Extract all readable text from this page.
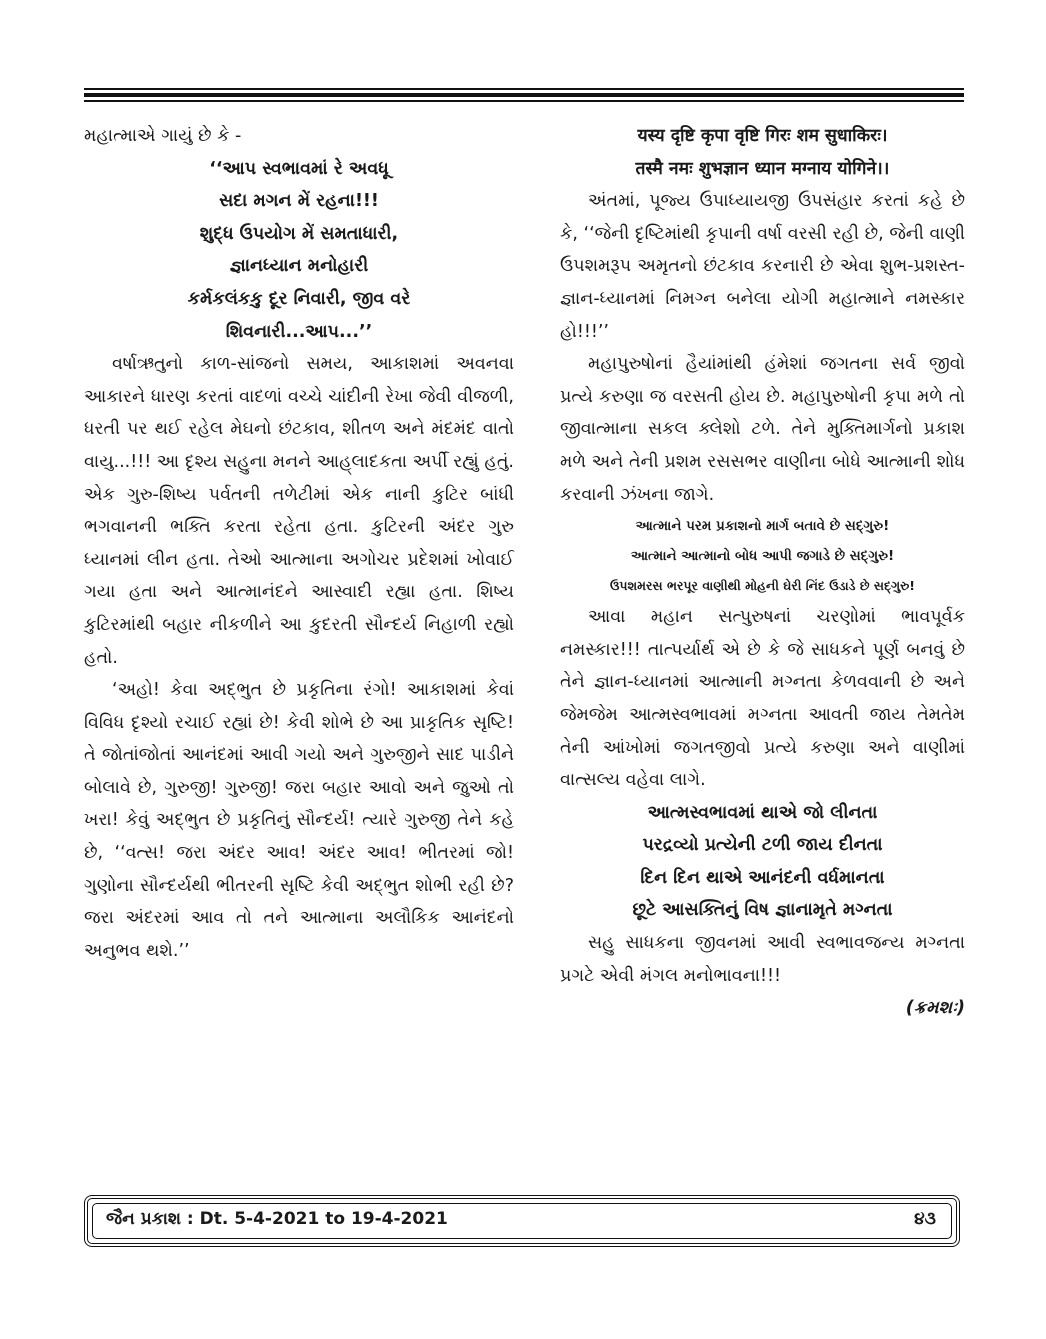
મહાત્માએ ગાયું છે કે -

‘‘આપ સ્વભાવમાં રે અવધૂ

સદા મગન મેં રહના!!!

શુદ્ધ ઉપયોગ મેં સમતાધારી,

જ્ઞાનધ્યાન મનોહારી

કર્મકલંકકુ દૂર નિવારી, જીવ વરે

શિવનારી...આપ...’’

વર્ષાઋતુનો કાળ-સાંજનો સમય, આકાશમાં અવનવા આકારને ધારણ કરતાં વાદળાં વચ્ચે ચાંદીની રેખા જેવી વીજળી, ધરતી પર થઈ રહેલ મેઘનો છંટકાવ, શીતળ અને મંદમંદ વાતો વાયુ...!!! આ દૃશ્ય સહુના મનને આહ્‌લાદકતા અર્પી રહ્યું હતું. એક ગુરુ-શિષ્ય પર્વતની તળેટીમાં એક નાની કુટિર બાંધી ભગવાનની ભક્તિ કરતા રહેતા હતા. કુટિરની અંદર ગુરુ ધ્યાનમાં લીન હતા. તેઓ આત્માના અગોચર પ્રદેશમાં ખોવાઈ ગયા હતા અને આત્માનંદને આસ્વાદી રહ્યા હતા. શિષ્ય કુટિરમાંથી બહાર નીકળીને આ કુદરતી સૌન્દર્ય નિહાળી રહ્યો હતો.

‘અહો! કેવા અદ્‌ભુત છે પ્રકૃતિના રંગો! આકાશમાં કેવાં વિવિધ દૃશ્યો રચાઈ રહ્યાં છે! કેવી શોભે છે આ પ્રાકૃતિક સૃષ્ટિ! તે જોતાંજોતાં આનંદમાં આવી ગયો અને ગુરુજીને સાદ પાડીને બોલાવે છે, ગુરુજી! ગુરુજી! જરા બહાર આવો અને જુઓ તો ખરા! કેવું અદ્‌ભુત છે પ્રકૃતિનું સૌન્દર્ય! ત્યારે ગુરુજી તેને કહે છે, ‘‘વત્સ! જરા અંદર આવ! અંદર આવ! ભીતરમાં જો! ગુણોના સૌન્દર્યથી ભીતરની સૃષ્ટિ કેવી અદ્‌ભુત શોભી રહી છે? જરા અંદરમાં આવ તો તને આત્માના અલૌકિક આનંદનો અનુભવ થશે.’’

यस्य दृष्टि कृपा वृष्टि गिरः शम सुधाकिरः।

तस्मै नमः शुभज्ञान ध्यान मग्नाय योगिने।।

અંતમાં, પૂજ્ય ઉપાધ્યાયજી ઉપસંહાર કરતાં કહે છે કે, ‘‘જેની દૃષ્ટિમાંથી કૃપાની વર્ષા વરસી રહી છે, જેની વાણી ઉપશમરૂપ અમૃતનો છંટકાવ કરનારી છે એવા શુભ-પ્રશસ્ત-જ્ઞાન-ધ્યાનમાં નિમગ્ન બનેલા યોગી મહાત્માને નમસ્કાર હો!!!’’

મહાપુરુષોનાં હૈયાંમાંથી હંમેશાં જગતના સર્વ જીવો પ્રત્યે કરુણા જ વરસતી હોય છે. મહાપુરુષોની કૃપા મળે તો જીવાત્માના સકલ ક્લેશો ટળે. તેને મુક્તિમાર્ગનો પ્રકાશ મળે અને તેની પ્રશમ રસસભર વાણીના બોધે આત્માની શોધ કરવાની ઝંખના જાગે.

આત્માને પરમ પ્રકાશનો માર્ગ બતાવે છે સદ્‌ગુરુ!

આત્માને આત્માનો બોધ આપી જગાડે છે સદ્‌ગુરુ!

ઉપશમરસ ભરપૂર વાણીથી મોહની ઘેરી નિંદ ઉડાડે છે સદ્‌ગુરુ!

આવા મહાન સત્પુરુષનાં ચરણોમાં ભાવપૂર્વક નમસ્કાર!!! તાત્પર્યાર્થ એ છે કે જે સાધકને પૂર્ણ બનવું છે તેને જ્ઞાન-ધ્યાનમાં આત્માની મગ્નતા કેળવવાની છે અને જેમજેમ આત્મસ્વભાવમાં મગ્નતા આવતી જાય તેમતેમ તેની આંખોમાં જગતજીવો પ્રત્યે કરુણા અને વાણીમાં વાત્સલ્ય વહેવા લાગે.

આત્મસ્વભાવમાં થાએ જો લીનતા

પરદ્રવ્યો પ્રત્યેની ટળી જાય દીનતા

દિન દિન થાએ આનંદની વર્ધમાનતા

છૂટે આસક્તિનું વિષ જ્ઞાનામૃતે મગ્નતા

સહુ સાધકના જીવનમાં આવી સ્વભાવજન્ય મગ્નતા પ્રગટે એવી મંગલ મનોભાવના!!!

(ક્રમશઃ)

જૈન પ્રકાશ : Dt. 5-4-2021 to 19-4-2021	૪૩
